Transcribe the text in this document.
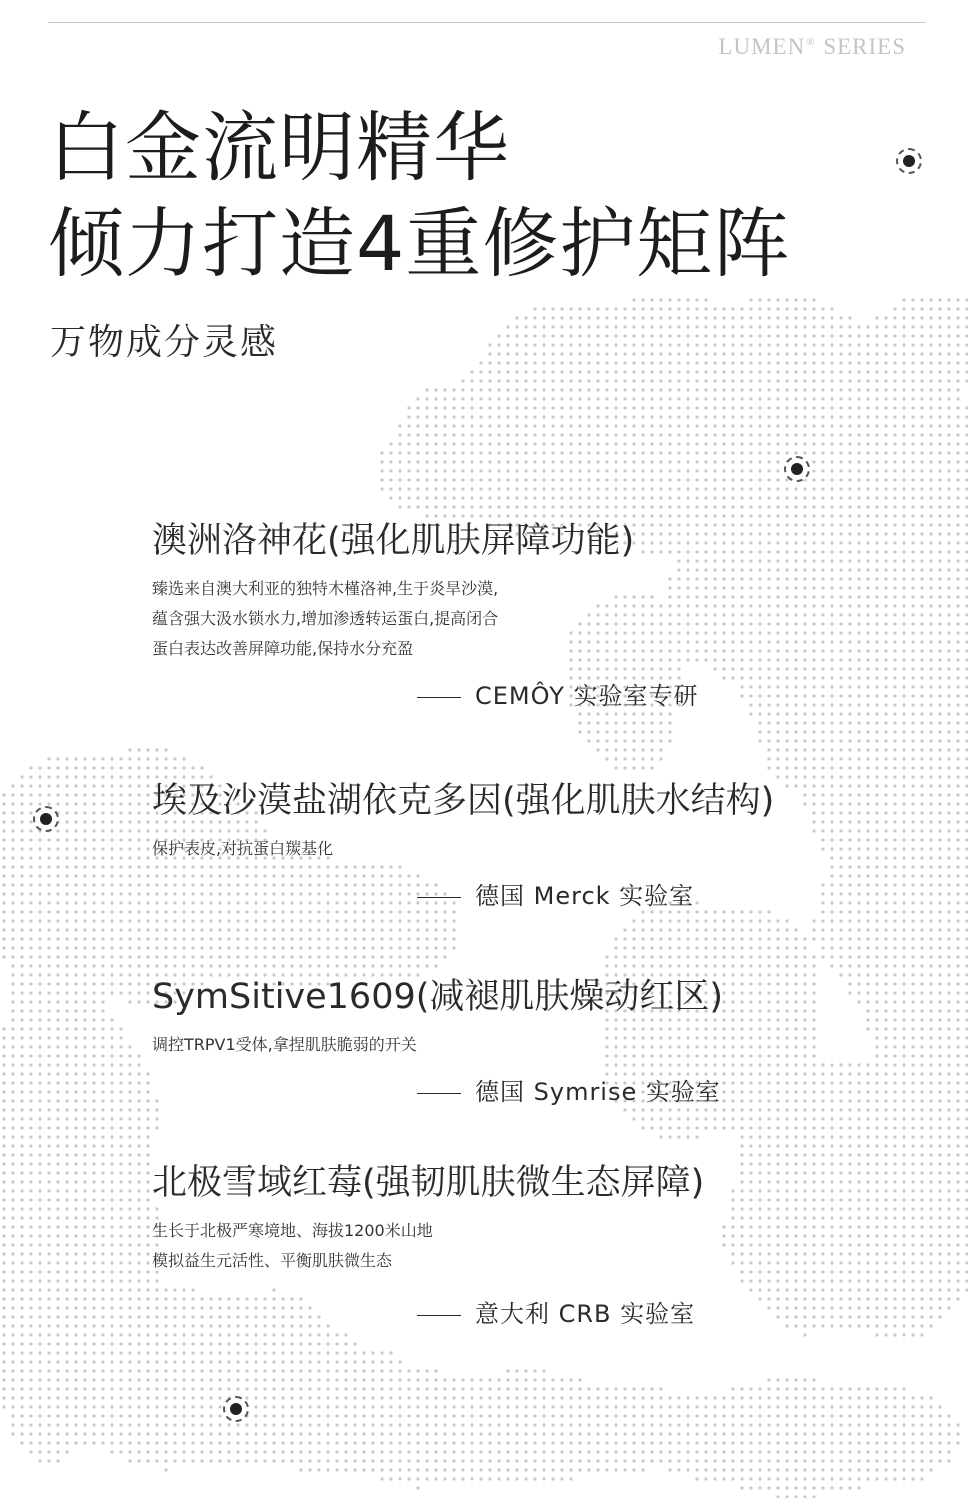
LUMEN® SERIES
白金流明精华
倾力打造4重修护矩阵
万物成分灵感
澳洲洛神花(强化肌肤屏障功能)
臻选来自澳大利亚的独特木槿洛神,生于炎旱沙漠,
蕴含强大汲水锁水力,增加渗透转运蛋白,提高闭合
蛋白表达改善屏障功能,保持水分充盈
CEMÔY 实验室专研
埃及沙漠盐湖依克多因(强化肌肤水结构)
保护表皮,对抗蛋白羰基化
德国 Merck 实验室
SymSitive1609(减褪肌肤燥动红区)
调控TRPV1受体,拿捏肌肤脆弱的开关
德国 Symrise 实验室
北极雪域红莓(强韧肌肤微生态屏障)
生长于北极严寒境地、海拔1200米山地
模拟益生元活性、平衡肌肤微生态
意大利 CRB 实验室
